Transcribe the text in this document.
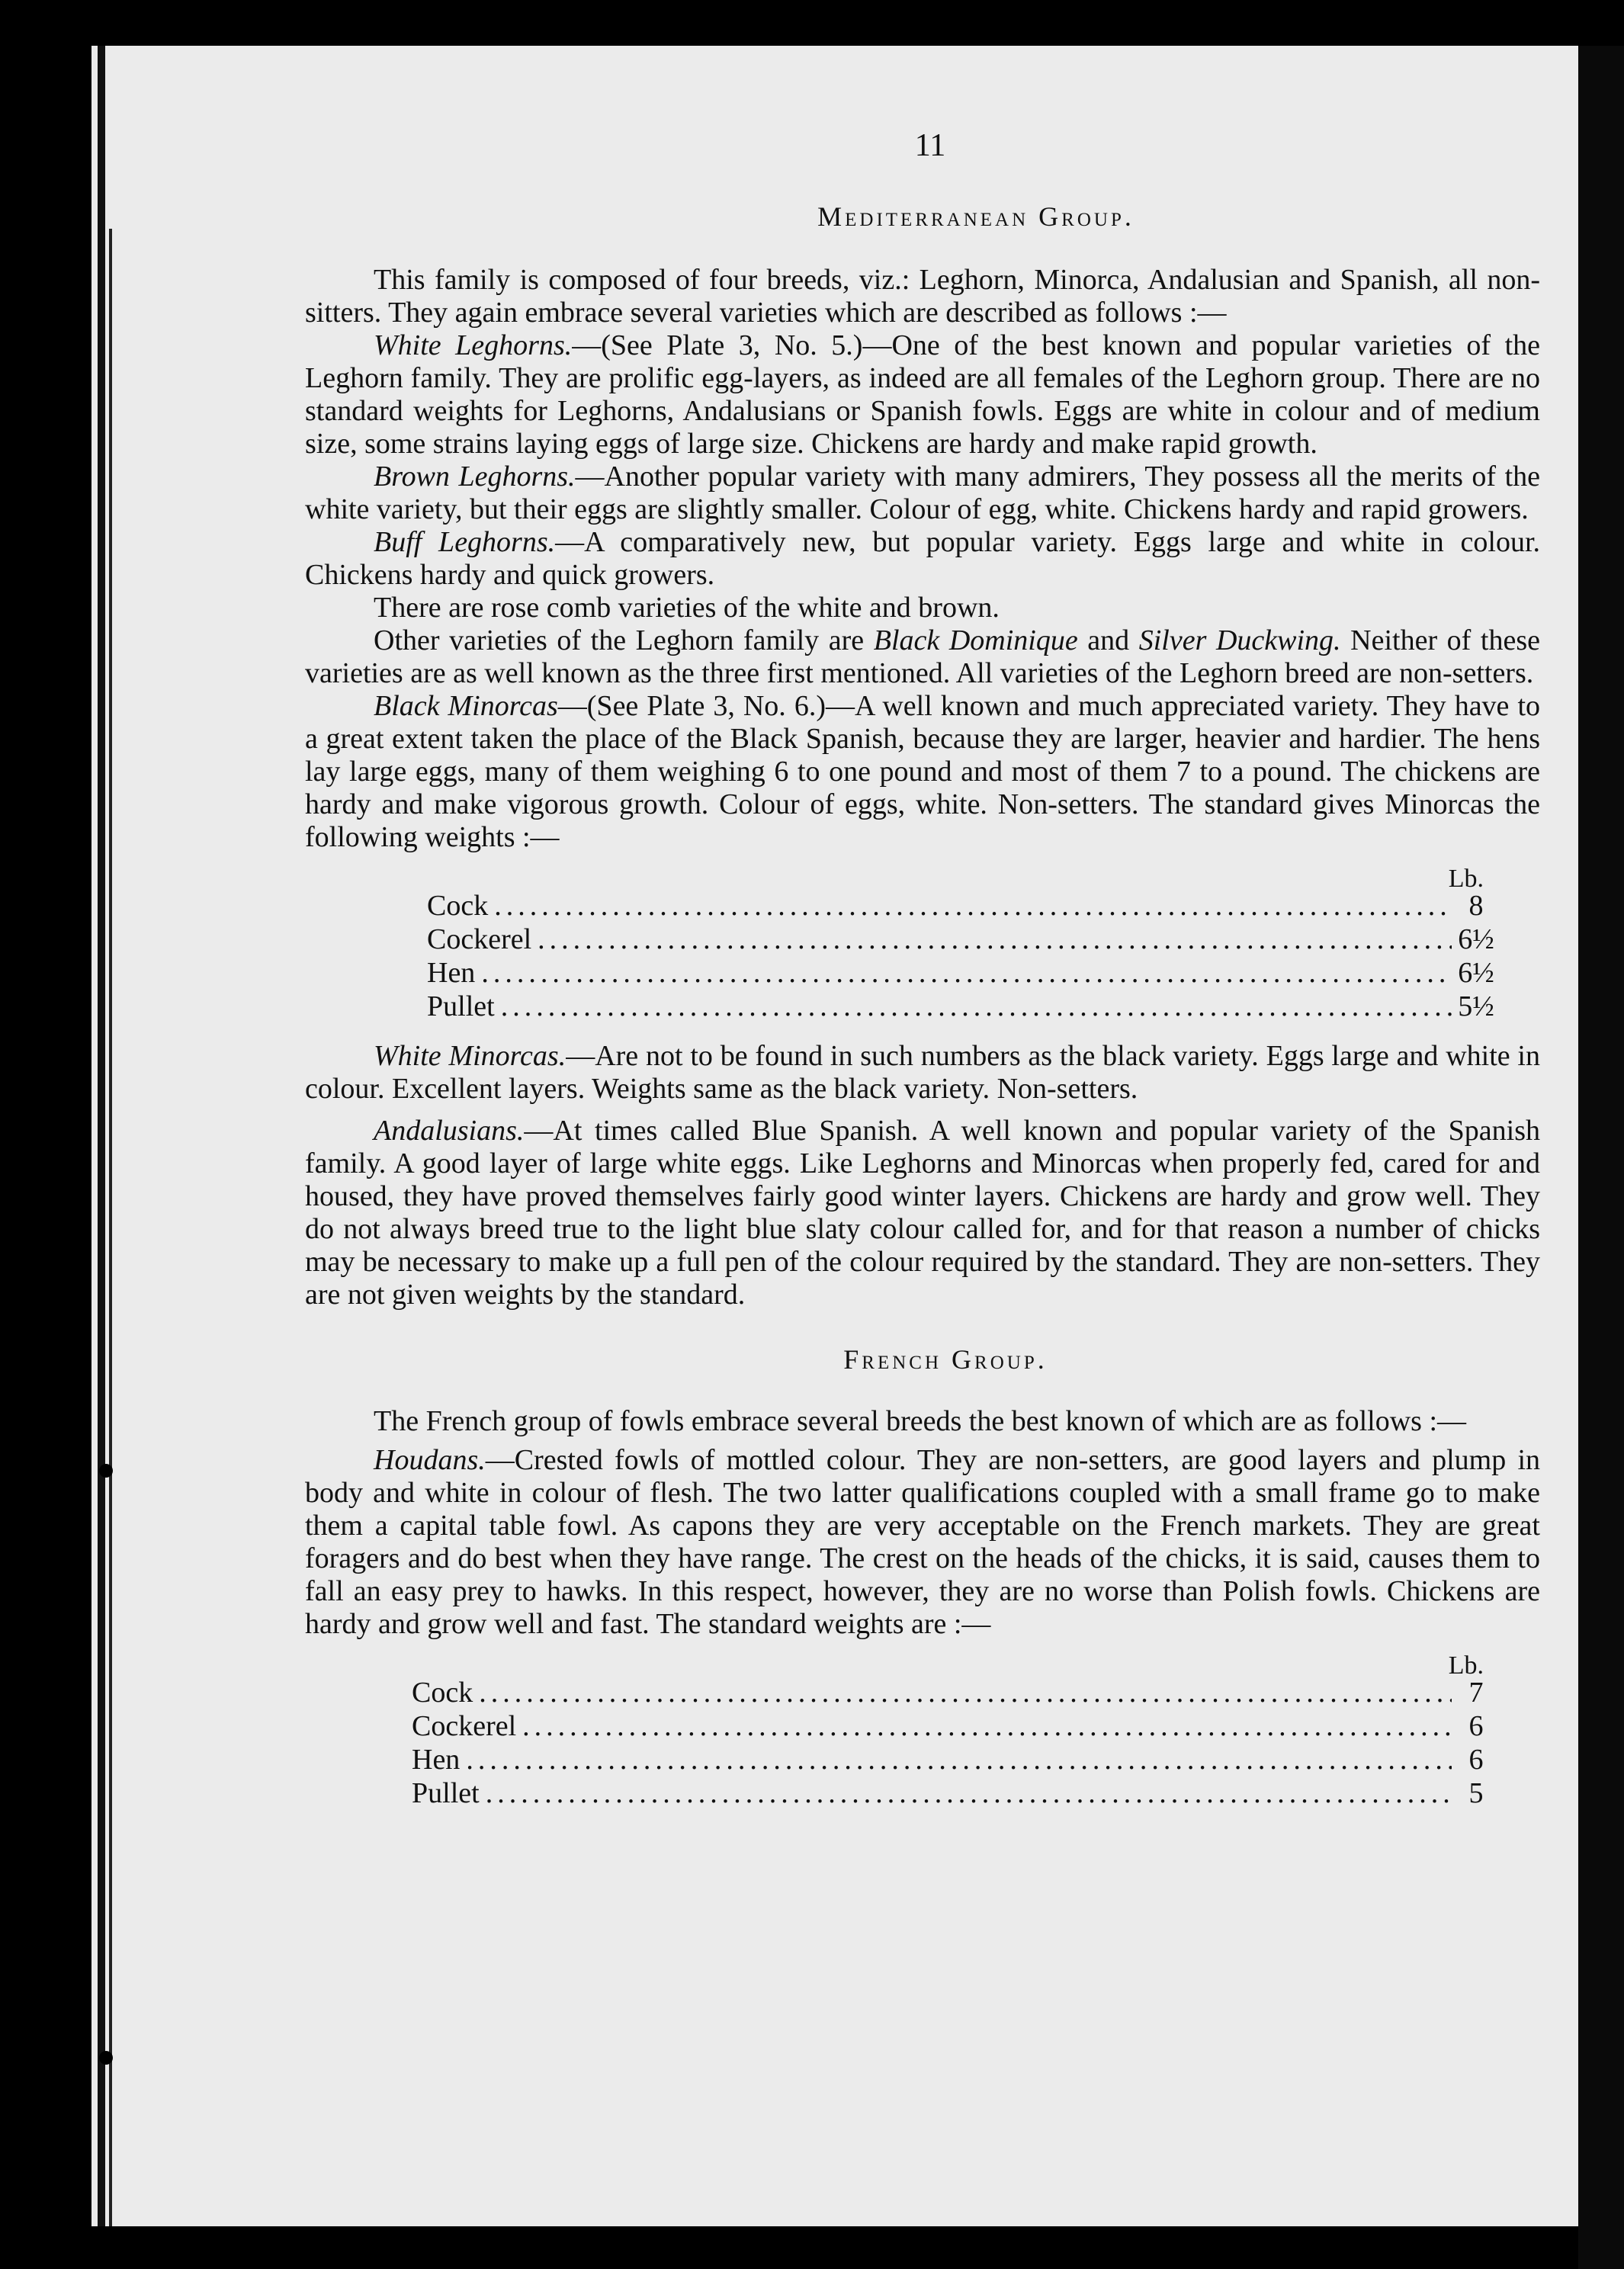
11
Mediterranean Group.

This family is composed of four breeds, viz.: Leghorn, Minorca, Andalusian and Spanish, all non-sitters. They again embrace several varieties which are described as follows :—

White Leghorns.—(See Plate 3, No. 5.)—One of the best known and popular varieties of the Leghorn family. They are prolific egg-layers, as indeed are all females of the Leghorn group. There are no standard weights for Leghorns, Andalusians or Spanish fowls. Eggs are white in colour and of medium size, some strains laying eggs of large size. Chickens are hardy and make rapid growth.

Brown Leghorns.—Another popular variety with many admirers, They possess all the merits of the white variety, but their eggs are slightly smaller. Colour of egg, white. Chickens hardy and rapid growers.

Buff Leghorns.—A comparatively new, but popular variety. Eggs large and white in colour. Chickens hardy and quick growers.

There are rose comb varieties of the white and brown.

Other varieties of the Leghorn family are Black Dominique and Silver Duckwing. Neither of these varieties are as well known as the three first mentioned. All varieties of the Leghorn breed are non-setters.

Black Minorcas—(See Plate 3, No. 6.)—A well known and much appreciated variety. They have to a great extent taken the place of the Black Spanish, because they are larger, heavier and hardier. The hens lay large eggs, many of them weighing 6 to one pound and most of them 7 to a pound. The chickens are hardy and make vigorous growth. Colour of eggs, white. Non-setters. The standard gives Minorcas the following weights :—

Lb.
Cock .....	8
Cockerel .....	6½
Hen .....	6½
Pullet .....	5½

White Minorcas.—Are not to be found in such numbers as the black variety. Eggs large and white in colour. Excellent layers. Weights same as the black variety. Non-setters.

Andalusians.—At times called Blue Spanish. A well known and popular variety of the Spanish family. A good layer of large white eggs. Like Leghorns and Minorcas when properly fed, cared for and housed, they have proved themselves fairly good winter layers. Chickens are hardy and grow well. They do not always breed true to the light blue slaty colour called for, and for that reason a number of chicks may be necessary to make up a full pen of the colour required by the standard. They are non-setters. They are not given weights by the standard.

French Group.

The French group of fowls embrace several breeds the best known of which are as follows :—

Houdans.—Crested fowls of mottled colour. They are non-setters, are good layers and plump in body and white in colour of flesh. The two latter qualifications coupled with a small frame go to make them a capital table fowl. As capons they are very acceptable on the French markets. They are great foragers and do best when they have range. The crest on the heads of the chicks, it is said, causes them to fall an easy prey to hawks. In this respect, however, they are no worse than Polish fowls. Chickens are hardy and grow well and fast. The standard weights are :—

Lb.
Cock .....	7
Cockerel .....	6
Hen .....	6
Pullet .....	5
